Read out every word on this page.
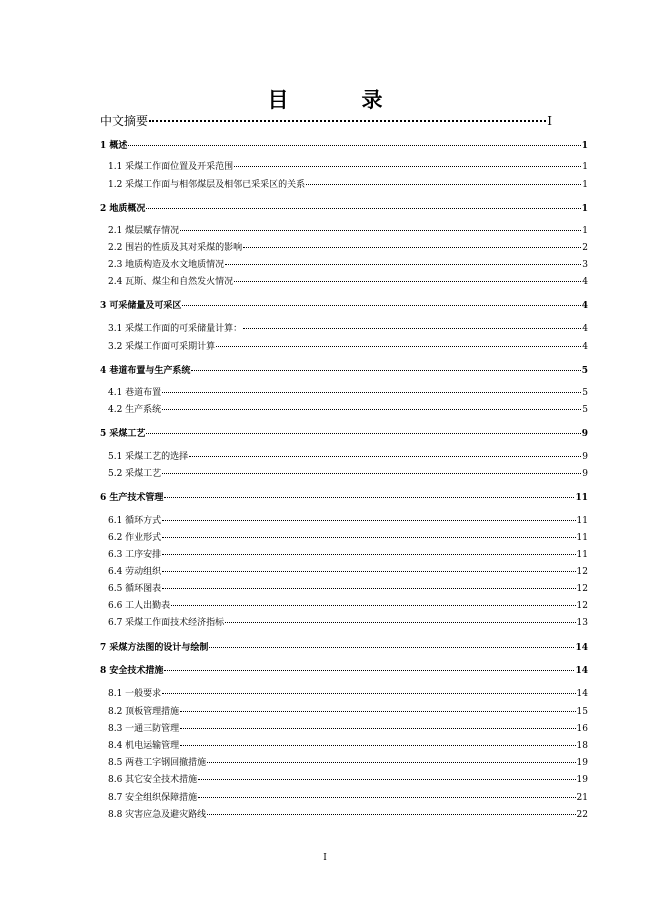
目　录
中文摘要	I
1 概述	1
1.1 采煤工作面位置及开采范围	1
1.2 采煤工作面与相邻煤层及相邻已采采区的关系	1
2 地质概况	1
2.1 煤层赋存情况	1
2.2 围岩的性质及其对采煤的影响	2
2.3 地质构造及水文地质情况	3
2.4 瓦斯、煤尘和自然发火情况	4
3 可采储量及可采区	4
3.1 采煤工作面的可采储量计算：	4
3.2 采煤工作面可采期计算	4
4 巷道布置与生产系统	5
4.1 巷道布置	5
4.2 生产系统	5
5 采煤工艺	9
5.1 采煤工艺的选择	9
5.2 采煤工艺	9
6 生产技术管理	11
6.1 循环方式	11
6.2 作业形式	11
6.3 工序安排	11
6.4 劳动组织	12
6.5 循环图表	12
6.6 工人出勤表	12
6.7 采煤工作面技术经济指标	13
7 采煤方法图的设计与绘制	14
8 安全技术措施	14
8.1 一般要求	14
8.2 顶板管理措施	15
8.3 一通三防管理	16
8.4 机电运输管理	18
8.5 两巷工字钢回撤措施	19
8.6 其它安全技术措施	19
8.7 安全组织保障措施	21
8.8 灾害应急及避灾路线	22
I
